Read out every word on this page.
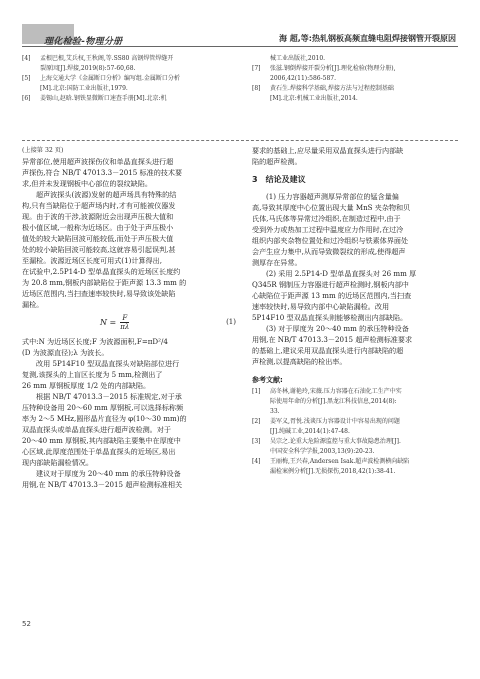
理化检验-物理分册	海 超,等:热轧钢板高频直缝电阻焊接钢管开裂原因
[4]	孟根巴根,艾兵权,王秋阁,等.SS80 高钢焊管焊缝开
裂原因[J].焊接,2019(8):57-60,68.
[5]	上海交通大学《金属断口分析》编写组.金属断口分析
[M].北京:国防工业出版社,1979.
[6]	姜锡山,赵晗.钢铁显微断口速查手册[M].北京:机
械工业出版社,2010.
[7]	张滋.钢倒焊接开裂分析[J].理化检验(物理分册),
2006,42(11):586-587.
[8]	黄石生.焊接科学基础,焊接方法与过程控制基础
[M].北京:机械工业出版社,2014.
(上接第 32 页)
异常部位,使用超声波探伤仪和单晶直探头进行超
声探伤,符合 NB/T 47013.3－2015 标准的技术要
求,但并未发现钢板中心部位的裂纹缺陷。
超声波探头(波源)发射的超声场具有特殊的结
构,只有当缺陷位于超声场内时,才有可能被仪器发
现。由于波的干涉,波源附近会出现声压极大值和
极小值区域,一般称为近场区。由于处于声压极小
值处的较大缺陷回波可能较低,而处于声压极大值
处的较小缺陷回波可能较高,这就容易引起误判,甚
至漏检。波源近场区长度可用式(1)计算得出,
在试验中,2.5P14-D 型单晶直探头的近场区长度约
为 20.8 mm,钢板内部缺陷位于距声源 13.3 mm 的
近场区范围内,当扫查速率较快时,易导致该处缺陷
漏检。
$N = \frac{F}{\pi\lambda}$	(1)
式中:N 为近场区长度;F 为波源面积,F=πD²/4
(D 为波源直径);λ 为波长。
改用 5P14F10 型双晶直探头对缺陷部位进行
复测,该探头的上盲区长度为 5 mm,检测出了
26 mm 厚钢板厚度 1/2 处的内部缺陷。
根据 NB/T 47013.3－2015 标准规定,对于承
压特种设备用 20～60 mm 厚钢板,可以选择标称频
率为 2～5 MHz,圆形晶片直径为 φ(10～30 mm)的
双晶直探头或单晶直探头进行超声波检测。对于
20～40 mm 厚钢板,其内部缺陷主要集中在厚度中
心区域,此厚度范围处于单晶直探头的近场区,易出
现内部缺陷漏检情况。
建议对于厚度为 20～40 mm 的承压特种设备
用钢,在 NB/T 47013.3－2015 超声检测标准相关
要求的基础上,应尽量采用双晶直探头进行内部缺
陷的超声检测。
3　结论及建议
(1) 压力容器超声测厚异常部位的锰含量偏
高,导致其厚度中心位置出现大量 MnS 夹杂物和贝
氏体,马氏体等异常过冷组织,在制造过程中,由于
受到外力或热加工过程中温度应力作用时,在过冷
组织内部夹杂物位置处和过冷组织与铁素体界面处
会产生应力集中,从而导致微裂纹的形成,使得超声
测厚存在异常。
(2) 采用 2.5P14-D 型单晶直探头对 26 mm 厚
Q345R 钢制压力容器进行超声检测时,钢板内部中
心缺陷位于距声源 13 mm 的近场区范围内,当扫查
速率较快时,易导致内部中心缺陷漏检。改用
5P14F10 型双晶直探头则能够检测出内部缺陷。
(3) 对于厚度为 20～40 mm 的承压特种设备
用钢,在 NB/T 47013.3－2015 超声检测标准要求
的基础上,建议采用双晶直探头进行内部缺陷的超
声检测,以提高缺陷的检出率。
参考文献:
[1]	高冬林,谢艳玲,宋薇.压力容器在石油化工生产中实
际使用年命的分析[J].黑龙江科技信息,2014(8):
33.
[2]	姜军义,胥悦.浅谈压力容器设计中容易出现的问题
[J].纯碱工业,2014(1):47-48.
[3]	吴宗之.论重大危险源监控与重大事故隐患治理[J].
中国安全科学学报,2003,13(9):20-23.
[4]	王丽梅,王兴春,Andersen Isak.超声波检测横向缺陷
漏检案例分析[J].无损探伤,2018,42(1):38-41.
52
